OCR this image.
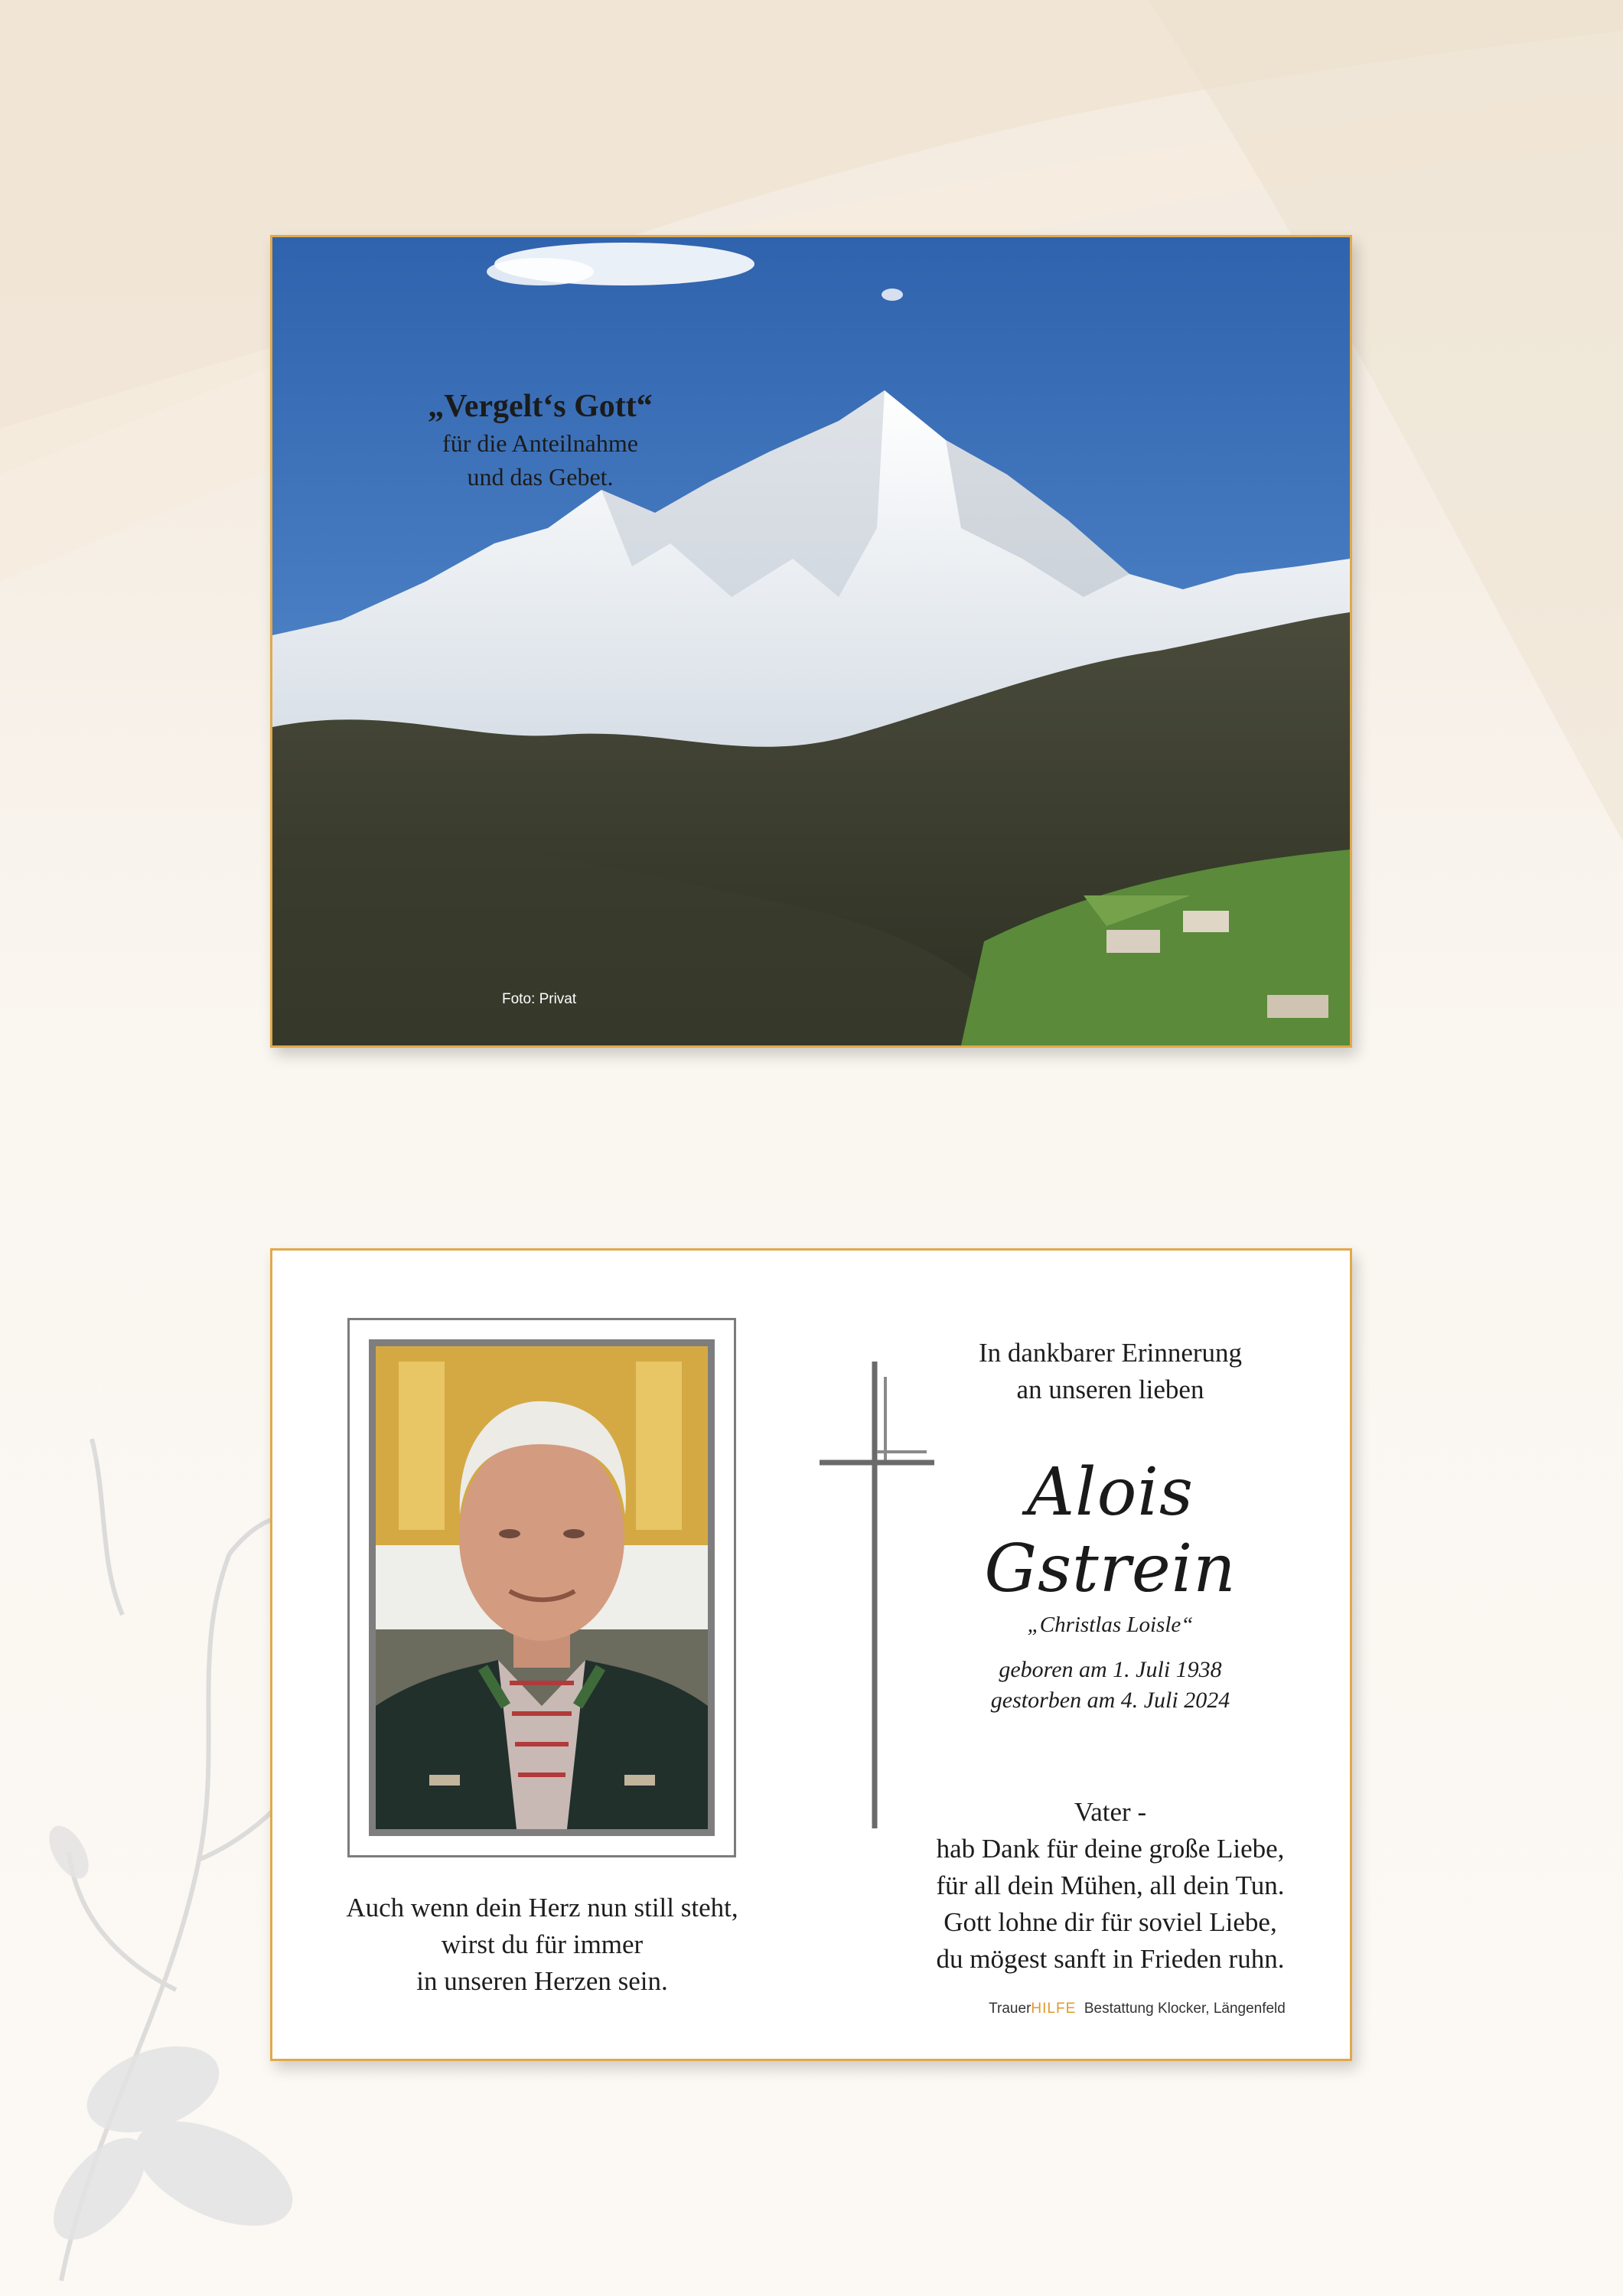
„Vergelt‘s Gott“
für die Anteilnahme
und das Gebet.
Foto: Privat
Auch wenn dein Herz nun still steht,
wirst du für immer
in unseren Herzen sein.
In dankbarer Erinnerung
an unseren lieben
Alois Gstrein
„Christlas Loisle“
geboren am 1. Juli 1938
gestorben am 4. Juli 2024
Vater -
hab Dank für deine große Liebe,
für all dein Mühen, all dein Tun.
Gott lohne dir für soviel Liebe,
du mögest sanft in Frieden ruhn.
TrauerHILFE Bestattung Klocker, Längenfeld
